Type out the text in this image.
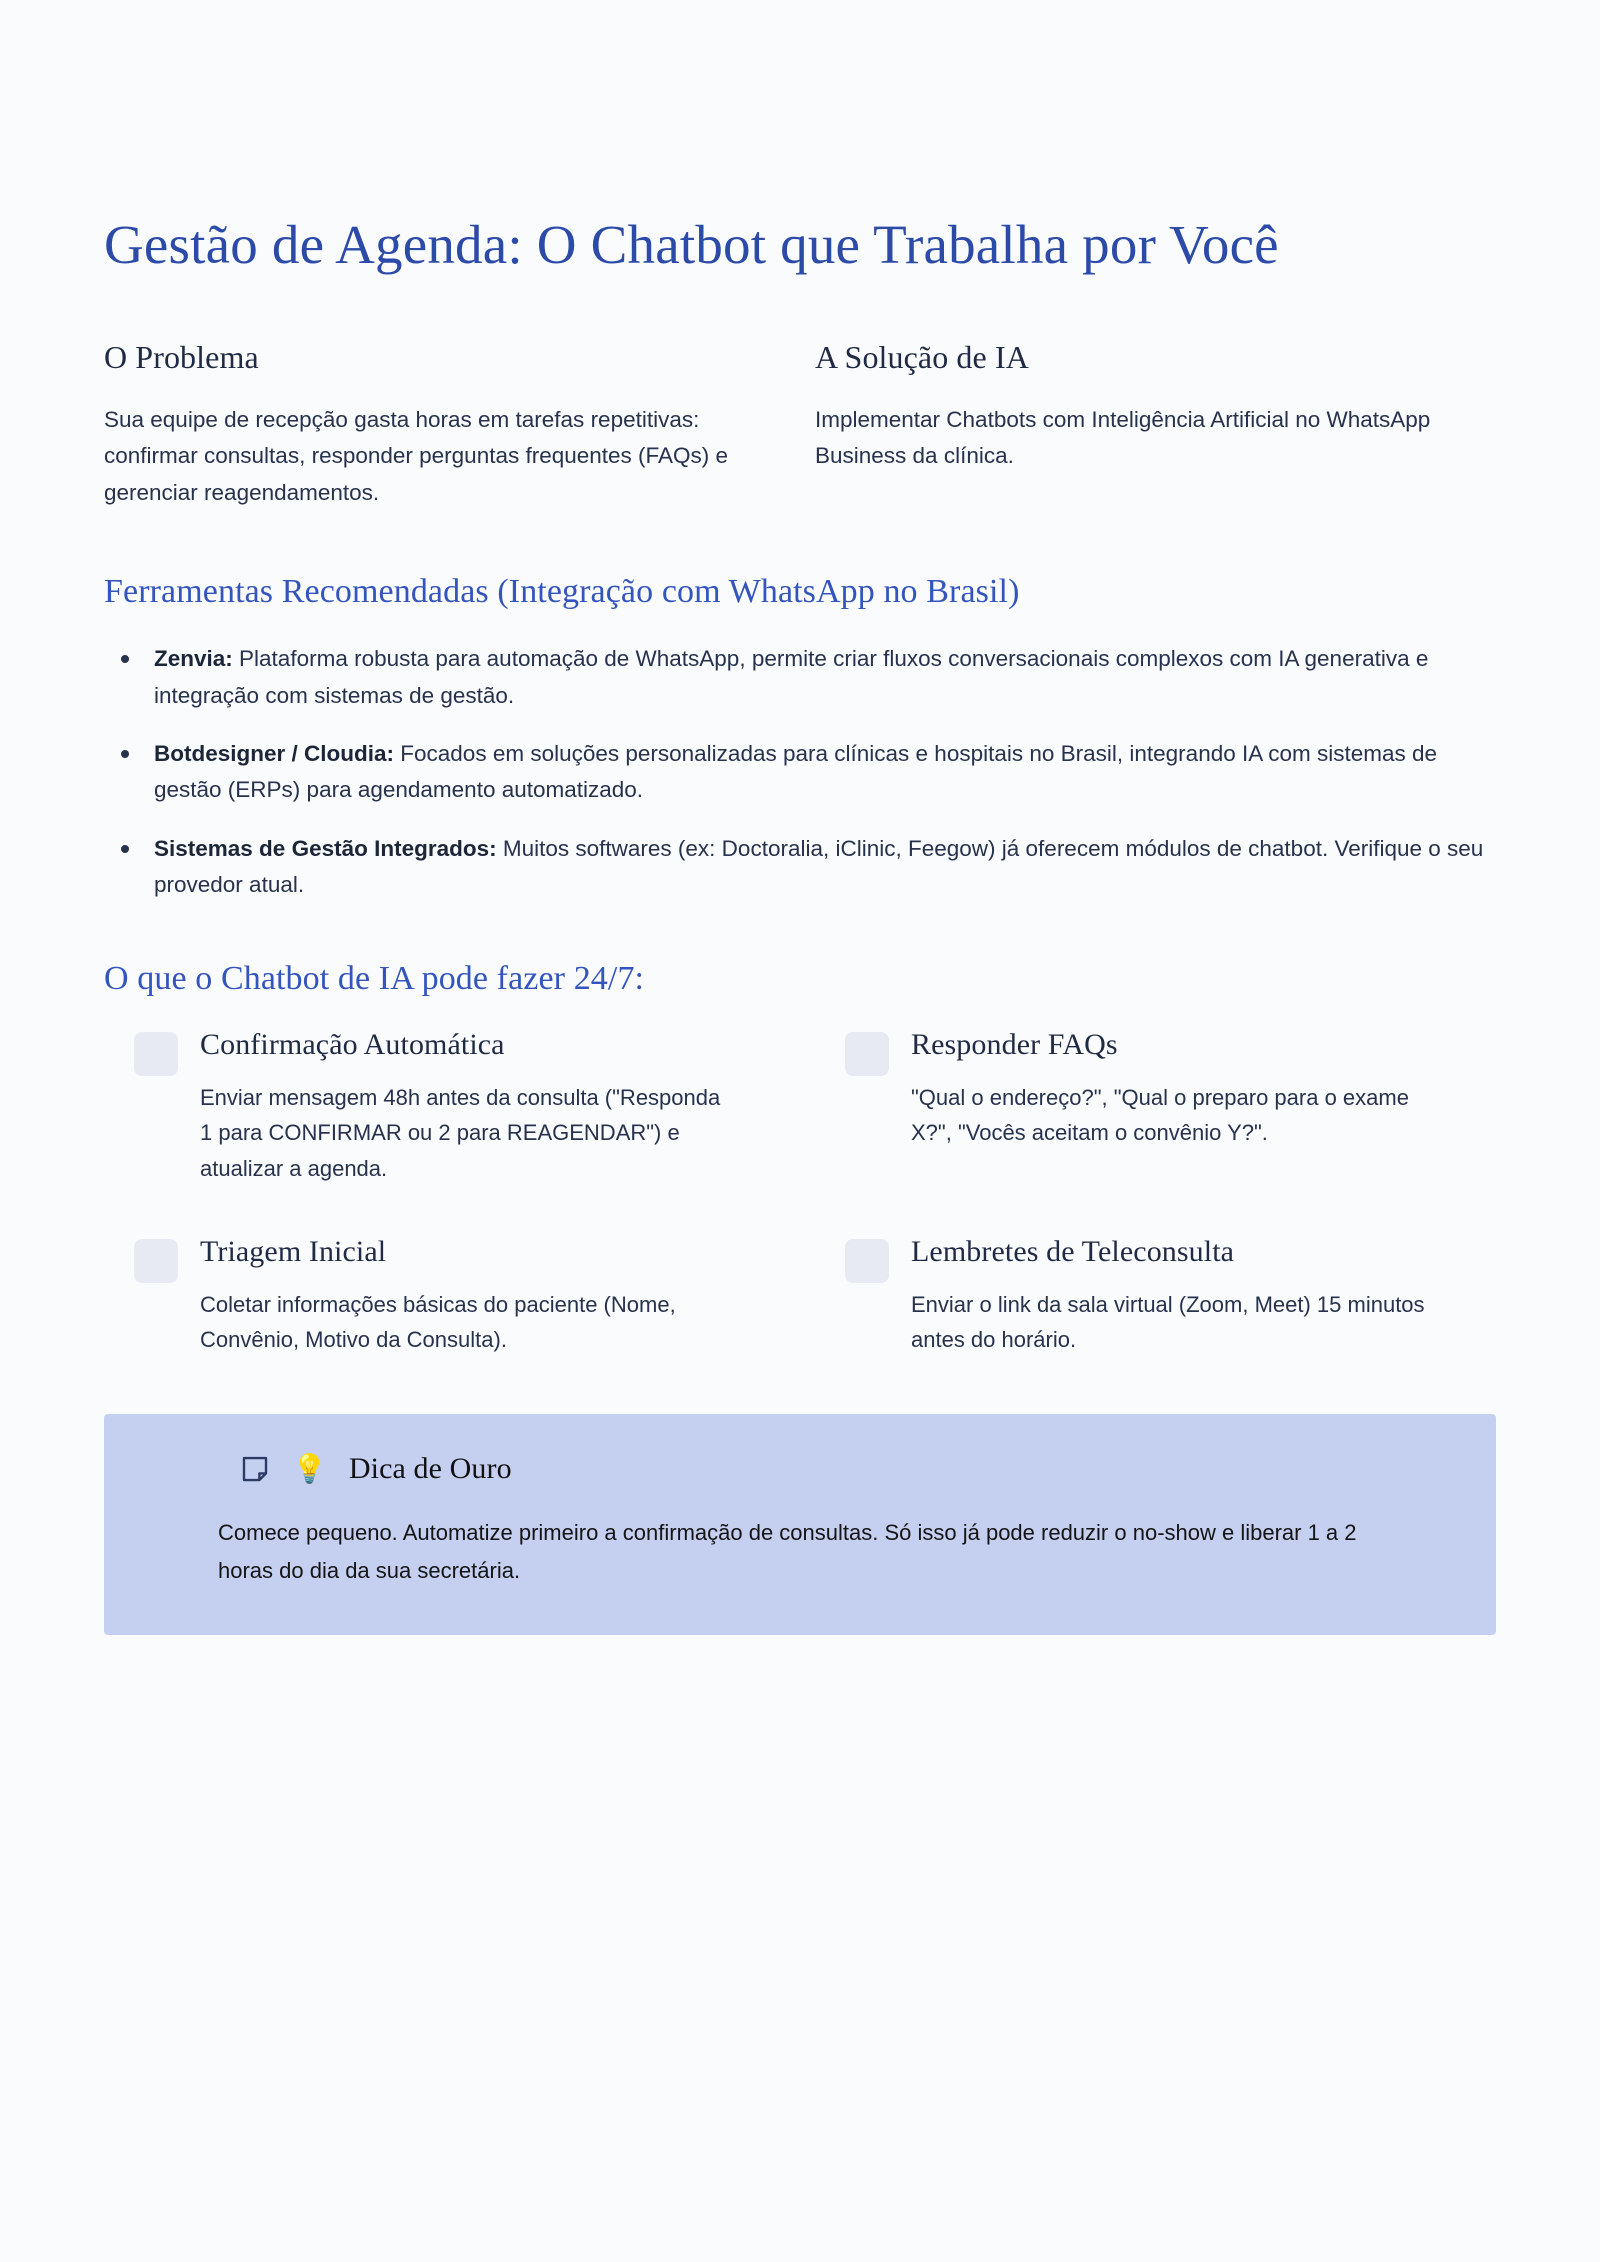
Gestão de Agenda: O Chatbot que Trabalha por Você
O Problema

Sua equipe de recepção gasta horas em tarefas repetitivas: confirmar consultas, responder perguntas frequentes (FAQs) e gerenciar reagendamentos.

A Solução de IA

Implementar Chatbots com Inteligência Artificial no WhatsApp Business da clínica.

Ferramentas Recomendadas (Integração com WhatsApp no Brasil)
Zenvia: Plataforma robusta para automação de WhatsApp, permite criar fluxos conversacionais complexos com IA generativa e integração com sistemas de gestão.
Botdesigner / Cloudia: Focados em soluções personalizadas para clínicas e hospitais no Brasil, integrando IA com sistemas de gestão (ERPs) para agendamento automatizado.
Sistemas de Gestão Integrados: Muitos softwares (ex: Doctoralia, iClinic, Feegow) já oferecem módulos de chatbot. Verifique o seu provedor atual.
O que o Chatbot de IA pode fazer 24/7:
Confirmação Automática

Enviar mensagem 48h antes da consulta ("Responda 1 para CONFIRMAR ou 2 para REAGENDAR") e atualizar a agenda.

Responder FAQs

"Qual o endereço?", "Qual o preparo para o exame X?", "Vocês aceitam o convênio Y?".

Triagem Inicial

Coletar informações básicas do paciente (Nome, Convênio, Motivo da Consulta).

Lembretes de Teleconsulta

Enviar o link da sala virtual (Zoom, Meet) 15 minutos antes do horário.

💡 Dica de Ouro

Comece pequeno. Automatize primeiro a confirmação de consultas. Só isso já pode reduzir o no-show e liberar 1 a 2 horas do dia da sua secretária.
